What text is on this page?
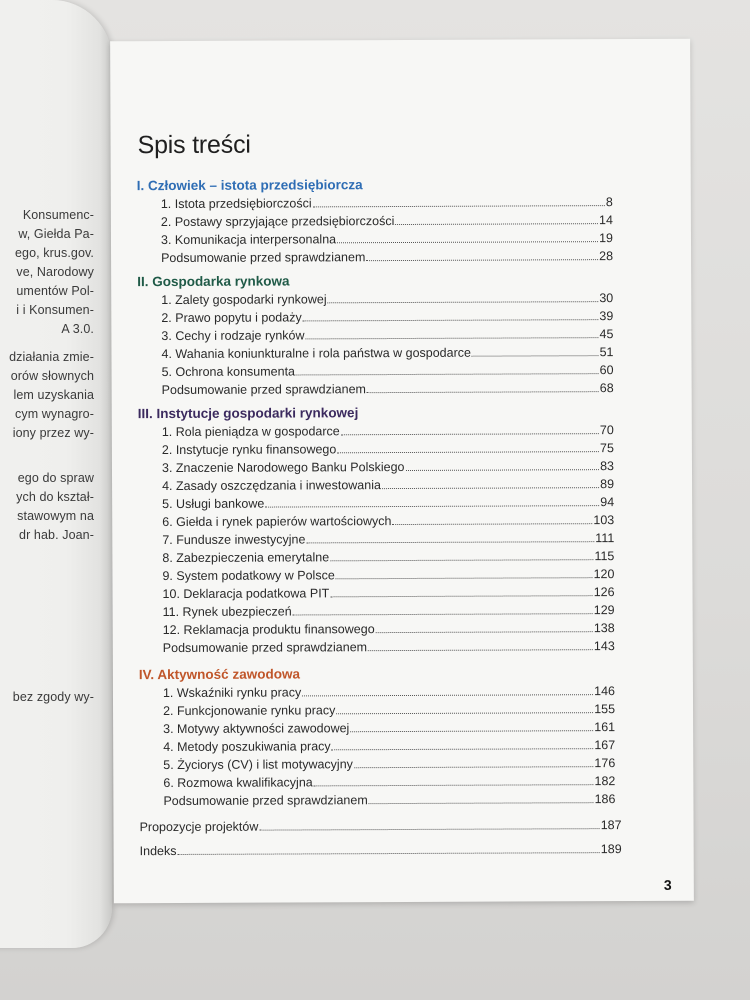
Konsumenc-
w, Giełda Pa-
ego, krus.gov.
ve, Narodowy
umentów Pol-
i i Konsumen-
A 3.0.
działania zmie-
orów słownych
lem uzyskania
cym wynagro-
iony przez wy-
ego do spraw
ych do kształ-
stawowym na
dr hab. Joan-
bez zgody wy-
Spis treści
I. Człowiek – istota przedsiębiorcza
1. Istota przedsiębiorczości	8
2. Postawy sprzyjające przedsiębiorczości	14
3. Komunikacja interpersonalna	19
Podsumowanie przed sprawdzianem	28
II. Gospodarka rynkowa
1. Zalety gospodarki rynkowej	30
2. Prawo popytu i podaży	39
3. Cechy i rodzaje rynków	45
4. Wahania koniunkturalne i rola państwa w gospodarce	51
5. Ochrona konsumenta	60
Podsumowanie przed sprawdzianem	68
III. Instytucje gospodarki rynkowej
1. Rola pieniądza w gospodarce	70
2. Instytucje rynku finansowego	75
3. Znaczenie Narodowego Banku Polskiego	83
4. Zasady oszczędzania i inwestowania	89
5. Usługi bankowe	94
6. Giełda i rynek papierów wartościowych	103
7. Fundusze inwestycyjne	111
8. Zabezpieczenia emerytalne	115
9. System podatkowy w Polsce	120
10. Deklaracja podatkowa PIT	126
11. Rynek ubezpieczeń	129
12. Reklamacja produktu finansowego	138
Podsumowanie przed sprawdzianem	143
IV. Aktywność zawodowa
1. Wskaźniki rynku pracy	146
2. Funkcjonowanie rynku pracy	155
3. Motywy aktywności zawodowej	161
4. Metody poszukiwania pracy	167
5. Życiorys (CV) i list motywacyjny	176
6. Rozmowa kwalifikacyjna	182
Podsumowanie przed sprawdzianem	186
Propozycje projektów	187
Indeks	189
3
